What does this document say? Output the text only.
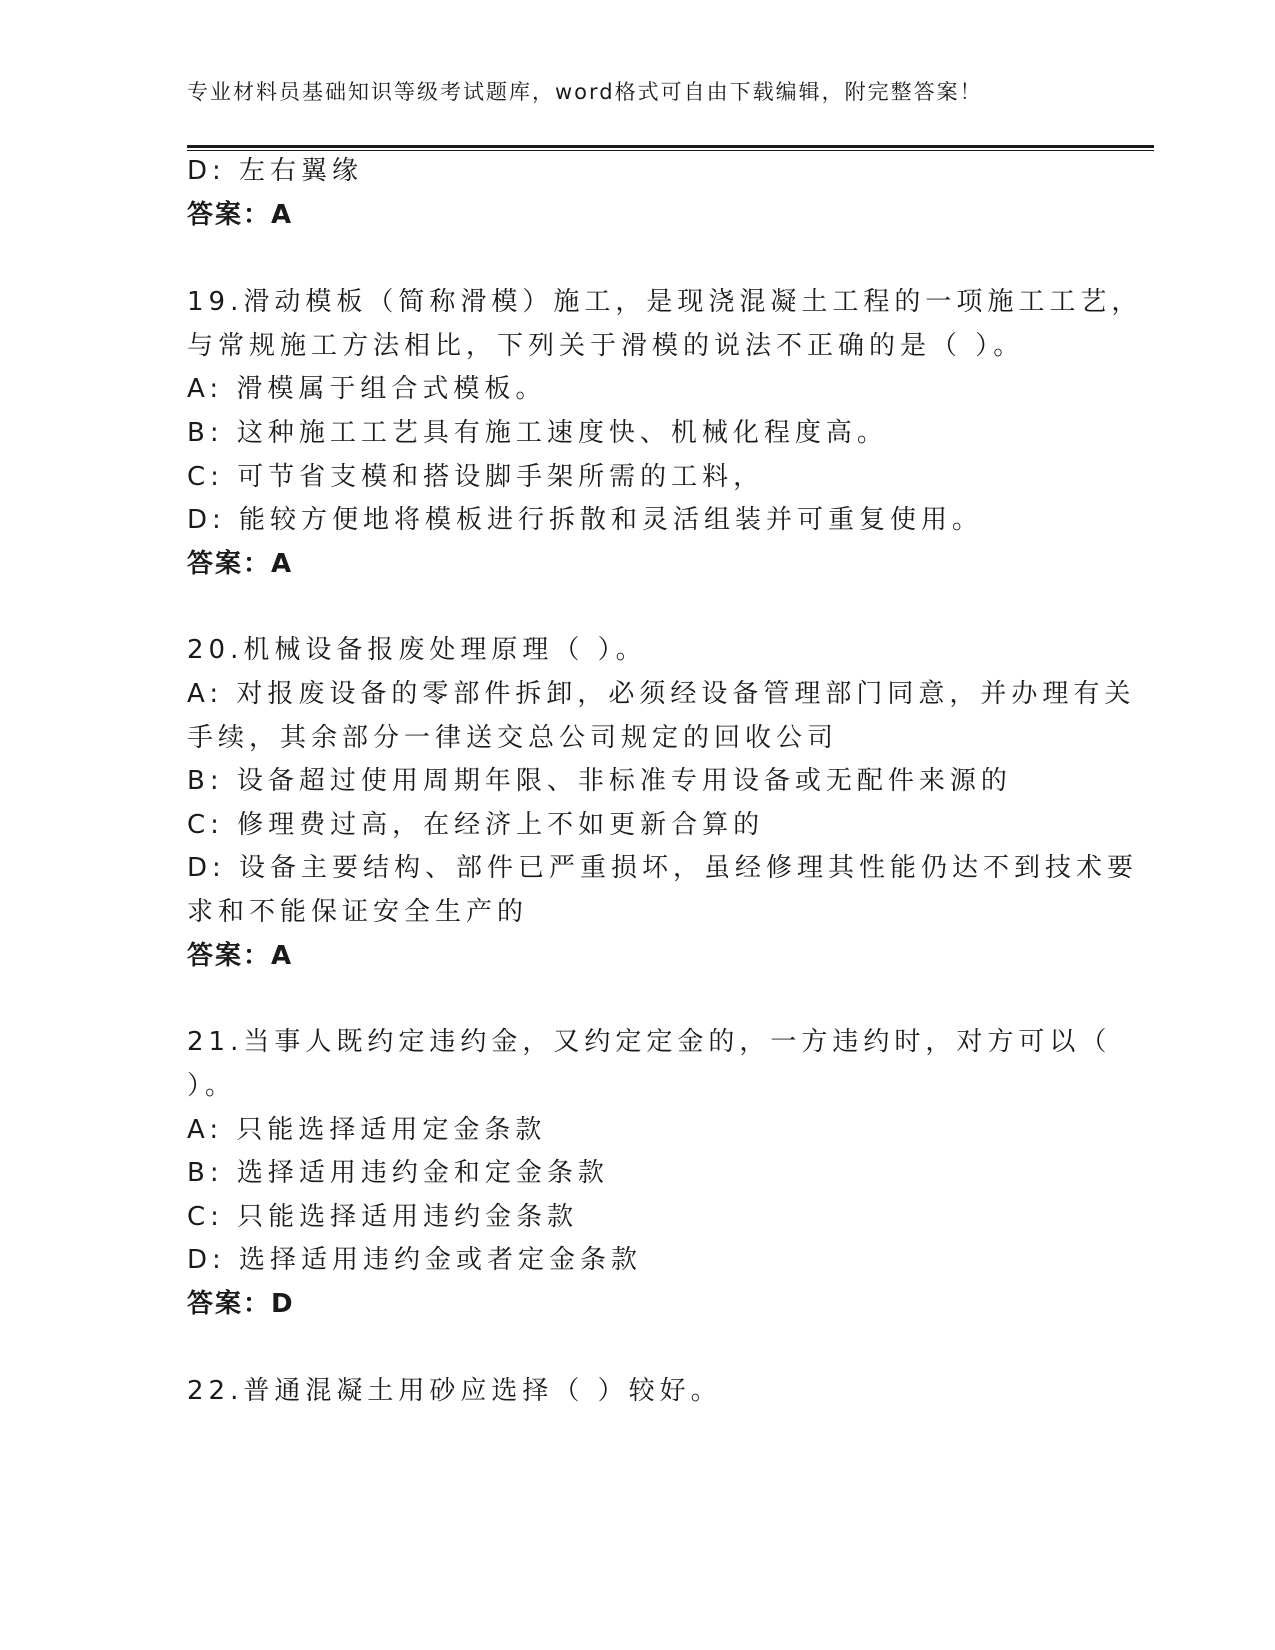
专业材料员基础知识等级考试题库，word格式可自由下载编辑，附完整答案！
D: 左右翼缘
答案：A
19.滑动模板（简称滑模）施工，是现浇混凝土工程的一项施工工艺，
与常规施工方法相比，下列关于滑模的说法不正确的是（ ）。
A: 滑模属于组合式模板。
B: 这种施工工艺具有施工速度快、机械化程度高。
C: 可节省支模和搭设脚手架所需的工料，
D: 能较方便地将模板进行拆散和灵活组装并可重复使用。
答案：A
20.机械设备报废处理原理（ ）。
A: 对报废设备的零部件拆卸，必须经设备管理部门同意，并办理有关
手续，其余部分一律送交总公司规定的回收公司
B: 设备超过使用周期年限、非标准专用设备或无配件来源的
C: 修理费过高，在经济上不如更新合算的
D: 设备主要结构、部件已严重损坏，虽经修理其性能仍达不到技术要
求和不能保证安全生产的
答案：A
21.当事人既约定违约金，又约定定金的，一方违约时，对方可以（
）。
A: 只能选择适用定金条款
B: 选择适用违约金和定金条款
C: 只能选择适用违约金条款
D: 选择适用违约金或者定金条款
答案：D
22.普通混凝土用砂应选择（ ）较好。
